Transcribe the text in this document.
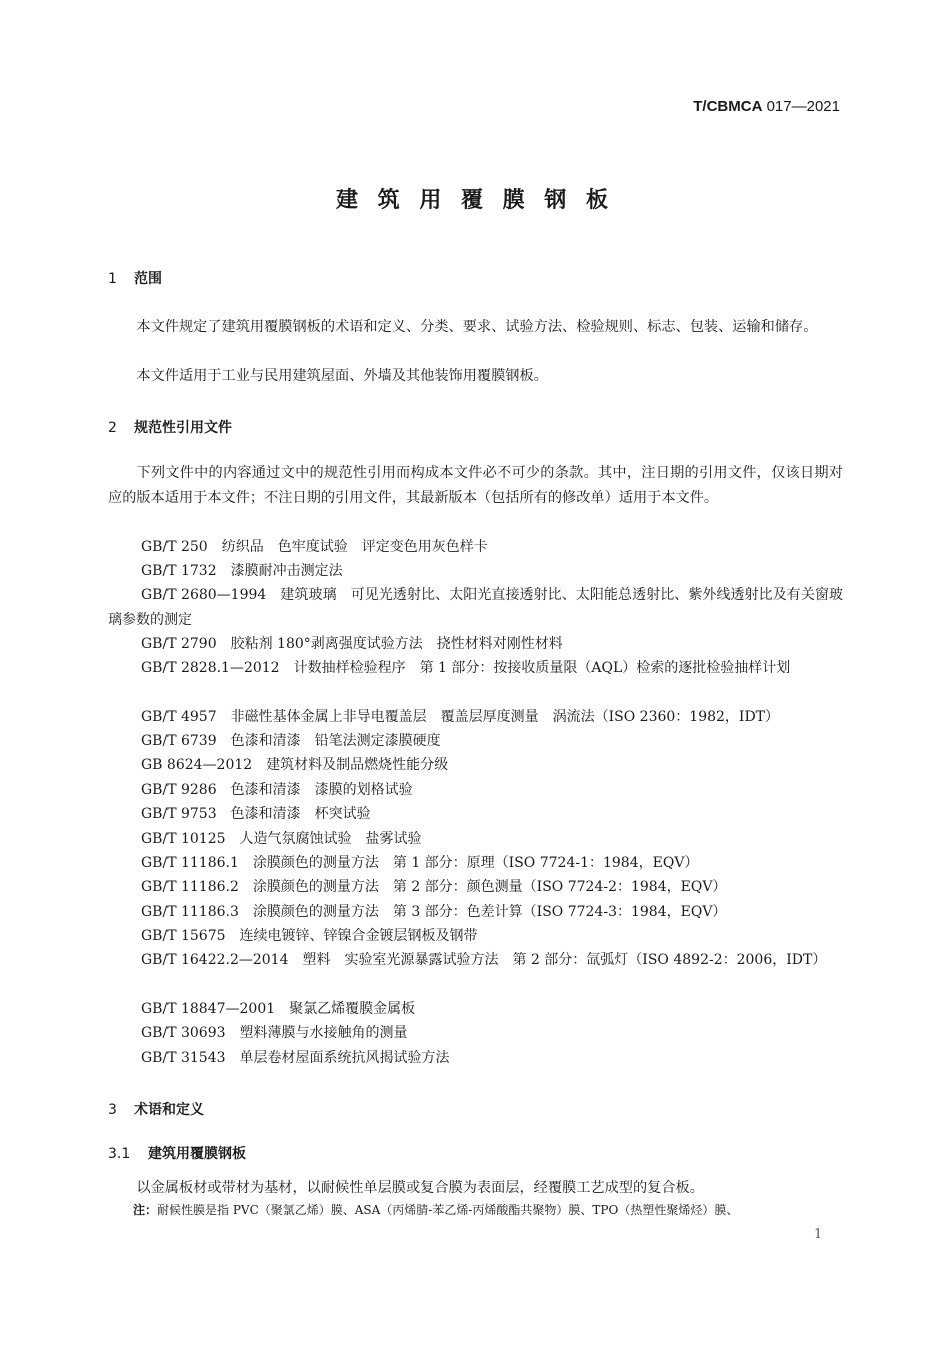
T/CBMCA 017—2021
建 筑 用 覆 膜 钢 板
1 范围

本文件规定了建筑用覆膜钢板的术语和定义、分类、要求、试验方法、检验规则、标志、包装、运输和储存。

本文件适用于工业与民用建筑屋面、外墙及其他装饰用覆膜钢板。

2 规范性引用文件

下列文件中的内容通过文中的规范性引用而构成本文件必不可少的条款。其中，注日期的引用文件，仅该日期对应的版本适用于本文件；不注日期的引用文件，其最新版本（包括所有的修改单）适用于本文件。

GB/T 250 纺织品　色牢度试验　评定变色用灰色样卡

GB/T 1732 漆膜耐冲击测定法

GB/T 2680—1994 建筑玻璃　可见光透射比、太阳光直接透射比、太阳能总透射比、紫外线透射比及有关窗玻璃参数的测定

GB/T 2790 胶粘剂 180°剥离强度试验方法　挠性材料对刚性材料

GB/T 2828.1—2012 计数抽样检验程序　第 1 部分：按接收质量限（AQL）检索的逐批检验抽样计划

GB/T 4957 非磁性基体金属上非导电覆盖层　覆盖层厚度测量　涡流法（ISO 2360：1982，IDT）

GB/T 6739 色漆和清漆　铅笔法测定漆膜硬度

GB 8624—2012 建筑材料及制品燃烧性能分级

GB/T 9286 色漆和清漆　漆膜的划格试验

GB/T 9753 色漆和清漆　杯突试验

GB/T 10125 人造气氛腐蚀试验　盐雾试验

GB/T 11186.1 涂膜颜色的测量方法　第 1 部分：原理（ISO 7724-1：1984，EQV）

GB/T 11186.2 涂膜颜色的测量方法　第 2 部分：颜色测量（ISO 7724-2：1984，EQV）

GB/T 11186.3 涂膜颜色的测量方法　第 3 部分：色差计算（ISO 7724-3：1984，EQV）

GB/T 15675 连续电镀锌、锌镍合金镀层钢板及钢带

GB/T 16422.2—2014 塑料　实验室光源暴露试验方法　第 2 部分：氙弧灯（ISO 4892-2：2006，IDT）

GB/T 18847—2001 聚氯乙烯覆膜金属板

GB/T 30693 塑料薄膜与水接触角的测量

GB/T 31543 单层卷材屋面系统抗风揭试验方法

3 术语和定义
3.1 建筑用覆膜钢板

以金属板材或带材为基材，以耐候性单层膜或复合膜为表面层，经覆膜工艺成型的复合板。

注：耐候性膜是指 PVC（聚氯乙烯）膜、ASA（丙烯腈-苯乙烯-丙烯酸酯共聚物）膜、TPO（热塑性聚烯烃）膜、
1
